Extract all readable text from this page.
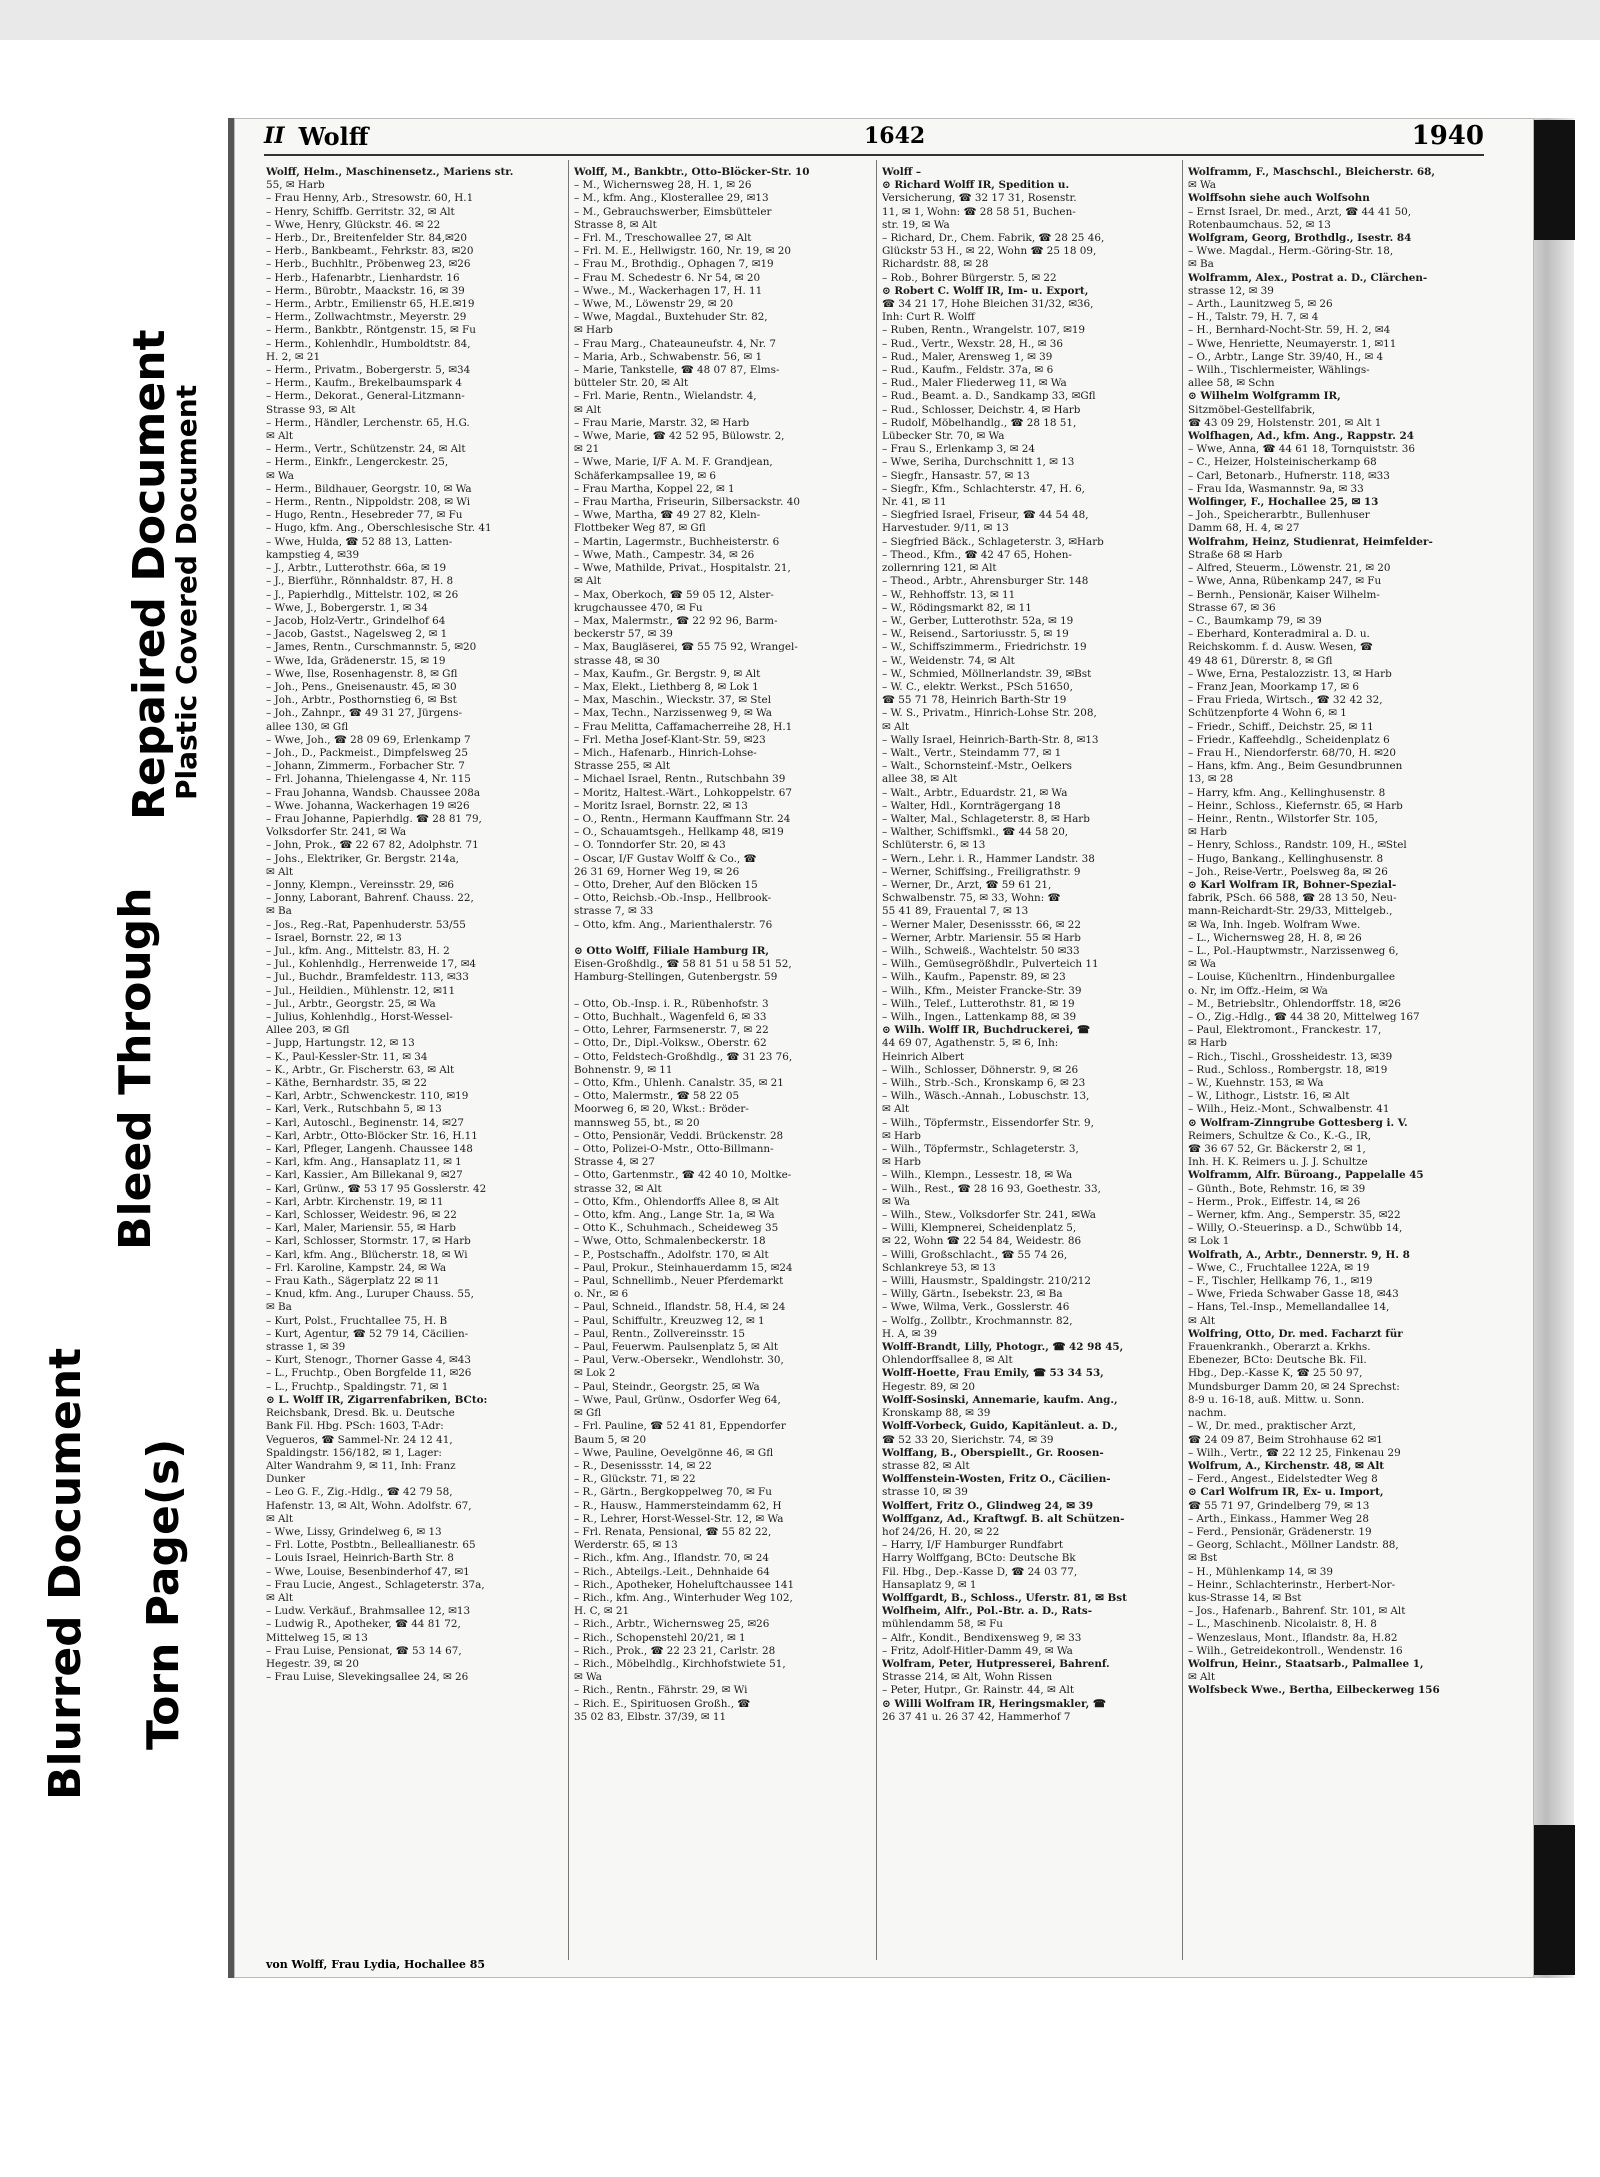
Blurred Document Torn Page(s)
Bleed Through
Repaired Document
Plastic Covered Document
II Wolff	1642	1940

Wolff, Helm., Maschinensetz., Mariens str.

55, ✉ Harb

– Frau Henny, Arb., Stresowstr. 60, H.1

– Henry, Schiffb. Gerritstr. 32, ✉ Alt

– Wwe, Henry, Glückstr. 46. ✉ 22

– Herb., Dr., Breitenfelder Str. 84,✉20

– Herb., Bankbeamt., Fehrkstr. 83, ✉20

– Herb., Buchhltr., Pröbenweg 23, ✉26

– Herb., Hafenarbtr., Lienhardstr. 16

– Herm., Bürobtr., Maackstr. 16, ✉ 39

– Herm., Arbtr., Emilienstr 65, H.E.✉19

– Herm., Zollwachtmstr., Meyerstr. 29

– Herm., Bankbtr., Röntgenstr. 15, ✉ Fu

– Herm., Kohlenhdlr., Humboldtstr. 84,

H. 2, ✉ 21

– Herm., Privatm., Bobergerstr. 5, ✉34

– Herm., Kaufm., Brekelbaumspark 4

– Herm., Dekorat., General-Litzmann-

Strasse 93, ✉ Alt

– Herm., Händler, Lerchenstr. 65, H.G.

✉ Alt

– Herm., Vertr., Schützenstr. 24, ✉ Alt

– Herm., Einkfr., Lengerckestr. 25,

✉ Wa

– Herm., Bildhauer, Georgstr. 10, ✉ Wa

– Herm., Rentn., Nippoldstr. 208, ✉ Wi

– Hugo, Rentn., Hesebreder 77, ✉ Fu

– Hugo, kfm. Ang., Oberschlesische Str. 41

– Wwe, Hulda, ☎ 52 88 13, Latten-

kampstieg 4, ✉39

– J., Arbtr., Lutterothstr. 66a, ✉ 19

– J., Bierführ., Rönnhaldstr. 87, H. 8

– J., Papierhdlg., Mittelstr. 102, ✉ 26

– Wwe, J., Bobergerstr. 1, ✉ 34

– Jacob, Holz-Vertr., Grindelhof 64

– Jacob, Gastst., Nagelsweg 2, ✉ 1

– James, Rentn., Curschmannstr. 5, ✉20

– Wwe, Ida, Grädenerstr. 15, ✉ 19

– Wwe, Ilse, Rosenhagenstr. 8, ✉ Gfl

– Joh., Pens., Gneisenaustr. 45, ✉ 30

– Joh., Arbtr., Posthornstieg 6, ✉ Bst

– Joh., Zahnpr., ☎ 49 31 27, Jürgens-

allee 130, ✉ Gfl

– Wwe, Joh., ☎ 28 09 69, Erlenkamp 7

– Joh., D., Packmeist., Dimpfelsweg 25

– Johann, Zimmerm., Forbacher Str. 7

– Frl. Johanna, Thielengasse 4, Nr. 115

– Frau Johanna, Wandsb. Chaussee 208a

– Wwe. Johanna, Wackerhagen 19 ✉26

– Frau Johanne, Papierhdlg. ☎ 28 81 79,

Volksdorfer Str. 241, ✉ Wa

– John, Prok., ☎ 22 67 82, Adolphstr. 71

– Johs., Elektriker, Gr. Bergstr. 214a,

✉ Alt

– Jonny, Klempn., Vereinsstr. 29, ✉6

– Jonny, Laborant, Bahrenf. Chauss. 22,

✉ Ba

– Jos., Reg.-Rat, Papenhuderstr. 53/55

– Israel, Bornstr. 22, ✉ 13

– Jul., kfm. Ang., Mittelstr. 83, H. 2

– Jul., Kohlenhdlg., Herrenweide 17, ✉4

– Jul., Buchdr., Bramfeldestr. 113, ✉33

– Jul., Heildien., Mühlenstr. 12, ✉11

– Jul., Arbtr., Georgstr. 25, ✉ Wa

– Julius, Kohlenhdlg., Horst-Wessel-

Allee 203, ✉ Gfl

– Jupp, Hartungstr. 12, ✉ 13

– K., Paul-Kessler-Str. 11, ✉ 34

– K., Arbtr., Gr. Fischerstr. 63, ✉ Alt

– Käthe, Bernhardstr. 35, ✉ 22

– Karl, Arbtr., Schwenckestr. 110, ✉19

– Karl, Verk., Rutschbahn 5, ✉ 13

– Karl, Autoschl., Beginenstr. 14, ✉27

– Karl, Arbtr., Otto-Blöcker Str. 16, H.11

– Karl, Pfleger, Langenh. Chaussee 148

– Karl, kfm. Ang., Hansaplatz 11, ✉ 1

– Karl, Kassier., Am Billekanal 9, ✉27

– Karl, Grünw., ☎ 53 17 95 Gosslerstr. 42

– Karl, Arbtr. Kirchenstr. 19, ✉ 11

– Karl, Schlosser, Weidestr. 96, ✉ 22

– Karl, Maler, Mariensir. 55, ✉ Harb

– Karl, Schlosser, Stormstr. 17, ✉ Harb

– Karl, kfm. Ang., Blücherstr. 18, ✉ Wi

– Frl. Karoline, Kampstr. 24, ✉ Wa

– Frau Kath., Sägerplatz 22 ✉ 11

– Knud, kfm. Ang., Luruper Chauss. 55,

✉ Ba

– Kurt, Polst., Fruchtallee 75, H. B

– Kurt, Agentur, ☎ 52 79 14, Cäcilien-

strasse 1, ✉ 39

– Kurt, Stenogr., Thorner Gasse 4, ✉43

– L., Fruchtp., Oben Borgfelde 11, ✉26

– L., Fruchtp., Spaldingstr. 71, ✉ 1

⊙ L. Wolff IR, Zigarrenfabriken, BCto:

Reichsbank, Dresd. Bk. u. Deutsche

Bank Fil. Hbg. PSch: 1603, T-Adr:

Vegueros, ☎ Sammel-Nr. 24 12 41,

Spaldingstr. 156/182, ✉ 1, Lager:

Alter Wandrahm 9, ✉ 11, Inh: Franz

Dunker

– Leo G. F., Zig.-Hdlg., ☎ 42 79 58,

Hafenstr. 13, ✉ Alt, Wohn. Adolfstr. 67,

✉ Alt

– Wwe, Lissy, Grindelweg 6, ✉ 13

– Frl. Lotte, Postbtn., Belleallianestr. 65

– Louis Israel, Heinrich-Barth Str. 8

– Wwe, Louise, Besenbinderhof 47, ✉1

– Frau Lucie, Angest., Schlageterstr. 37a,

✉ Alt

– Ludw. Verkäuf., Brahmsallee 12, ✉13

– Ludwig R., Apotheker, ☎ 44 81 72,

Mittelweg 15, ✉ 13

– Frau Luise, Pensionat, ☎ 53 14 67,

Hegestr. 39, ✉ 20

– Frau Luise, Slevekingsallee 24, ✉ 26

Wolff, M., Bankbtr., Otto-Blöcker-Str. 10

– M., Wichernsweg 28, H. 1, ✉ 26

– M., kfm. Ang., Klosterallee 29, ✉13

– M., Gebrauchswerber, Eimsbütteler

Strasse 8, ✉ Alt

– Frl. M., Treschowallee 27, ✉ Alt

– Frl. M. E., Hellwigstr. 160, Nr. 19, ✉ 20

– Frau M., Brothdig., Ophagen 7, ✉19

– Frau M. Schedestr 6. Nr 54, ✉ 20

– Wwe., M., Wackerhagen 17, H. 11

– Wwe, M., Löwenstr 29, ✉ 20

– Wwe, Magdal., Buxtehuder Str. 82,

✉ Harb

– Frau Marg., Chateauneufstr. 4, Nr. 7

– Maria, Arb., Schwabenstr. 56, ✉ 1

– Marie, Tankstelle, ☎ 48 07 87, Elms-

bütteler Str. 20, ✉ Alt

– Frl. Marie, Rentn., Wielandstr. 4,

✉ Alt

– Frau Marie, Marstr. 32, ✉ Harb

– Wwe, Marie, ☎ 42 52 95, Bülowstr. 2,

✉ 21

– Wwe, Marie, I/F A. M. F. Grandjean,

Schäferkampsallee 19, ✉ 6

– Frau Martha, Koppel 22, ✉ 1

– Frau Martha, Friseurin, Silbersackstr. 40

– Wwe, Martha, ☎ 49 27 82, Kleln-

Flottbeker Weg 87, ✉ Gfl

– Martin, Lagermstr., Buchheisterstr. 6

– Wwe, Math., Campestr. 34, ✉ 26

– Wwe, Mathilde, Privat., Hospitalstr. 21,

✉ Alt

– Max, Oberkoch, ☎ 59 05 12, Alster-

krugchaussee 470, ✉ Fu

– Max, Malermstr., ☎ 22 92 96, Barm-

beckerstr 57, ✉ 39

– Max, Baugläserei, ☎ 55 75 92, Wrangel-

strasse 48, ✉ 30

– Max, Kaufm., Gr. Bergstr. 9, ✉ Alt

– Max, Elekt., Liethberg 8, ✉ Lok 1

– Max, Maschin., Wieckstr. 37, ✉ Stel

– Max, Techn., Narzissenweg 9, ✉ Wa

– Frau Melitta, Caffamacherreihe 28, H.1

– Frl. Metha Josef-Klant-Str. 59, ✉23

– Mich., Hafenarb., Hinrich-Lohse-

Strasse 255, ✉ Alt

– Michael Israel, Rentn., Rutschbahn 39

– Moritz, Haltest.-Wärt., Lohkoppelstr. 67

– Moritz Israel, Bornstr. 22, ✉ 13

– O., Rentn., Hermann Kauffmann Str. 24

– O., Schauamtsgeh., Hellkamp 48, ✉19

– O. Tonndorfer Str. 20, ✉ 43

– Oscar, I/F Gustav Wolff & Co., ☎

26 31 69, Horner Weg 19, ✉ 26

– Otto, Dreher, Auf den Blöcken 15

– Otto, Reichsb.-Ob.-Insp., Hellbrook-

strasse 7, ✉ 33

– Otto, kfm. Ang., Marienthalerstr. 76

⊙ Otto Wolff, Filiale Hamburg IR,

Eisen-Großhdlg., ☎ 58 81 51 u 58 51 52,

Hamburg-Stellingen, Gutenbergstr. 59

– Otto, Ob.-Insp. i. R., Rübenhofstr. 3

– Otto, Buchhalt., Wagenfeld 6, ✉ 33

– Otto, Lehrer, Farmsenerstr. 7, ✉ 22

– Otto, Dr., Dipl.-Volksw., Oberstr. 62

– Otto, Feldstech-Großhdlg., ☎ 31 23 76,

Bohnenstr. 9, ✉ 11

– Otto, Kfm., Uhlenh. Canalstr. 35, ✉ 21

– Otto, Malermstr., ☎ 58 22 05

Moorweg 6, ✉ 20, Wkst.: Bröder-

mannsweg 55, bt., ✉ 20

– Otto, Pensionär, Veddi. Brückenstr. 28

– Otto, Polizei-O-Mstr., Otto-Billmann-

Strasse 4, ✉ 27

– Otto, Gartenmstr., ☎ 42 40 10, Moltke-

strasse 32, ✉ Alt

– Otto, Kfm., Ohlendorffs Allee 8, ✉ Alt

– Otto, kfm. Ang., Lange Str. 1a, ✉ Wa

– Otto K., Schuhmach., Scheideweg 35

– Wwe, Otto, Schmalenbeckerstr. 18

– P., Postschaffn., Adolfstr. 170, ✉ Alt

– Paul, Prokur., Steinhauerdamm 15, ✉24

– Paul, Schnellimb., Neuer Pferdemarkt

o. Nr., ✉ 6

– Paul, Schneid., Iflandstr. 58, H.4, ✉ 24

– Paul, Schiffultr., Kreuzweg 12, ✉ 1

– Paul, Rentn., Zollvereinsstr. 15

– Paul, Feuerwm. Paulsenplatz 5, ✉ Alt

– Paul, Verw.-Obersekr., Wendlohstr. 30,

✉ Lok 2

– Paul, Steindr., Georgstr. 25, ✉ Wa

– Wwe, Paul, Grünw., Osdorfer Weg 64,

✉ Gfl

– Frl. Pauline, ☎ 52 41 81, Eppendorfer

Baum 5, ✉ 20

– Wwe, Pauline, Oevelgönne 46, ✉ Gfl

– R., Desenissstr. 14, ✉ 22

– R., Glückstr. 71, ✉ 22

– R., Gärtn., Bergkoppelweg 70, ✉ Fu

– R., Hausw., Hammersteindamm 62, H

– R., Lehrer, Horst-Wessel-Str. 12, ✉ Wa

– Frl. Renata, Pensional, ☎ 55 82 22,

Werderstr. 65, ✉ 13

– Rich., kfm. Ang., Iflandstr. 70, ✉ 24

– Rich., Abteilgs.-Leit., Dehnhaide 64

– Rich., Apotheker, Hoheluftchaussee 141

– Rich., kfm. Ang., Winterhuder Weg 102,

H. C, ✉ 21

– Rich., Arbtr., Wichernsweg 25, ✉26

– Rich., Schopenstehl 20/21, ✉ 1

– Rich., Prok., ☎ 22 23 21, Carlstr. 28

– Rich., Möbelhdlg., Kirchhofstwiete 51,

✉ Wa

– Rich., Rentn., Fährstr. 29, ✉ Wi

– Rich. E., Spirituosen Großh., ☎

35 02 83, Elbstr. 37/39, ✉ 11

Wolff –

⊙ Richard Wolff IR, Spedition u.

Versicherung, ☎ 32 17 31, Rosenstr.

11, ✉ 1, Wohn: ☎ 28 58 51, Buchen-

str. 19, ✉ Wa

– Richard, Dr., Chem. Fabrik, ☎ 28 25 46,

Glückstr 53 H., ✉ 22, Wohn ☎ 25 18 09,

Richardstr. 88, ✉ 28

– Rob., Bohrer Bürgerstr. 5, ✉ 22

⊙ Robert C. Wolff IR, Im- u. Export,

☎ 34 21 17, Hohe Bleichen 31/32, ✉36,

Inh: Curt R. Wolff

– Ruben, Rentn., Wrangelstr. 107, ✉19

– Rud., Vertr., Wexstr. 28, H., ✉ 36

– Rud., Maler, Arensweg 1, ✉ 39

– Rud., Kaufm., Feldstr. 37a, ✉ 6

– Rud., Maler Fliederweg 11, ✉ Wa

– Rud., Beamt. a. D., Sandkamp 33, ✉Gfl

– Rud., Schlosser, Deichstr. 4, ✉ Harb

– Rudolf, Möbelhandlg., ☎ 28 18 51,

Lübecker Str. 70, ✉ Wa

– Frau S., Erlenkamp 3, ✉ 24

– Wwe, Seriha, Durchschnitt 1, ✉ 13

– Siegfr., Hansastr. 57, ✉ 13

– Siegfr., Kfm., Schlachterstr. 47, H. 6,

Nr. 41, ✉ 11

– Siegfried Israel, Friseur, ☎ 44 54 48,

Harvestuder. 9/11, ✉ 13

– Siegfried Bäck., Schlageterstr. 3, ✉Harb

– Theod., Kfm., ☎ 42 47 65, Hohen-

zollernring 121, ✉ Alt

– Theod., Arbtr., Ahrensburger Str. 148

– W., Rehhoffstr. 13, ✉ 11

– W., Rödingsmarkt 82, ✉ 11

– W., Gerber, Lutterothstr. 52a, ✉ 19

– W., Reisend., Sartoriusstr. 5, ✉ 19

– W., Schiffszimmerm., Friedrichstr. 19

– W., Weidenstr. 74, ✉ Alt

– W., Schmied, Möllnerlandstr. 39, ✉Bst

– W. C., elektr. Werkst., PSch 51650,

☎ 55 71 78, Heinrich Barth-Str 19

– W. S., Privatm., Hinrich-Lohse Str. 208,

✉ Alt

– Wally Israel, Heinrich-Barth-Str. 8, ✉13

– Walt., Vertr., Steindamm 77, ✉ 1

– Walt., Schornsteinf.-Mstr., Oelkers

allee 38, ✉ Alt

– Walt., Arbtr., Eduardstr. 21, ✉ Wa

– Walter, Hdl., Kornträgergang 18

– Walter, Mal., Schlageterstr. 8, ✉ Harb

– Walther, Schiffsmkl., ☎ 44 58 20,

Schlüterstr. 6, ✉ 13

– Wern., Lehr. i. R., Hammer Landstr. 38

– Werner, Schiffsing., Freiligrathstr. 9

– Werner, Dr., Arzt, ☎ 59 61 21,

Schwalbenstr. 75, ✉ 33, Wohn: ☎

55 41 89, Frauental 7, ✉ 13

– Werner Maler, Desenissstr. 66, ✉ 22

– Werner, Arbtr. Mariensir. 55 ✉ Harb

– Wilh., Schweiß., Wachtelstr. 50 ✉33

– Wilh., Gemüsegrößhdlr., Pulverteich 11

– Wilh., Kaufm., Papenstr. 89, ✉ 23

– Wilh., Kfm., Meister Francke-Str. 39

– Wilh., Telef., Lutterothstr. 81, ✉ 19

– Wilh., Ingen., Lattenkamp 88, ✉ 39

⊙ Wilh. Wolff IR, Buchdruckerei, ☎

44 69 07, Agathenstr. 5, ✉ 6, Inh:

Heinrich Albert

– Wilh., Schlosser, Döhnerstr. 9, ✉ 26

– Wilh., Strb.-Sch., Kronskamp 6, ✉ 23

– Wilh., Wäsch.-Annah., Lobuschstr. 13,

✉ Alt

– Wilh., Töpfermstr., Eissendorfer Str. 9,

✉ Harb

– Wilh., Töpfermstr., Schlageterstr. 3,

✉ Harb

– Wilh., Klempn., Lessestr. 18, ✉ Wa

– Wilh., Rest., ☎ 28 16 93, Goethestr. 33,

✉ Wa

– Wilh., Stew., Volksdorfer Str. 241, ✉Wa

– Willi, Klempnerei, Scheidenplatz 5,

✉ 22, Wohn ☎ 22 54 84, Weidestr. 86

– Willi, Großschlacht., ☎ 55 74 26,

Schlankreye 53, ✉ 13

– Willi, Hausmstr., Spaldingstr. 210/212

– Willy, Gärtn., Isebekstr. 23, ✉ Ba

– Wwe, Wilma, Verk., Gosslerstr. 46

– Wolfg., Zollbtr., Krochmannstr. 82,

H. A, ✉ 39

Wolff-Brandt, Lilly, Photogr., ☎ 42 98 45,

Ohlendorffsallee 8, ✉ Alt

Wolff-Hoette, Frau Emily, ☎ 53 34 53,

Hegestr. 89, ✉ 20

Wolff-Sosinski, Annemarie, kaufm. Ang.,

Kronskamp 88, ✉ 39

Wolff-Vorbeck, Guido, Kapitänleut. a. D.,

☎ 52 33 20, Sierichstr. 74, ✉ 39

Wolffang, B., Oberspiellt., Gr. Roosen-

strasse 82, ✉ Alt

Wolffenstein-Wosten, Fritz O., Cäcilien-

strasse 10, ✉ 39

Wolffert, Fritz O., Glindweg 24, ✉ 39

Wolffganz, Ad., Kraftwgf. B. alt Schützen-

hof 24/26, H. 20, ✉ 22

– Harry, I/F Hamburger Rundfabrt

Harry Wolffgang, BCto: Deutsche Bk

Fil. Hbg., Dep.-Kasse D, ☎ 24 03 77,

Hansaplatz 9, ✉ 1

Wolffgardt, B., Schloss., Uferstr. 81, ✉ Bst

Wolfheim, Alfr., Pol.-Btr. a. D., Rats-

mühlendamm 58, ✉ Fu

– Alfr., Kondit., Bendixensweg 9, ✉ 33

– Fritz, Adolf-Hitler-Damm 49, ✉ Wa

Wolfram, Peter, Hutpresserei, Bahrenf.

Strasse 214, ✉ Alt, Wohn Rissen

– Peter, Hutpr., Gr. Rainstr. 44, ✉ Alt

⊙ Willi Wolfram IR, Heringsmakler, ☎

26 37 41 u. 26 37 42, Hammerhof 7

Wolframm, F., Maschschl., Bleicherstr. 68,

✉ Wa

Wolffsohn siehe auch Wolfsohn

– Ernst Israel, Dr. med., Arzt, ☎ 44 41 50,

Rotenbaumchaus. 52, ✉ 13

Wolfgram, Georg, Brothdlg., Isestr. 84

– Wwe. Magdal., Herm.-Göring-Str. 18,

✉ Ba

Wolframm, Alex., Postrat a. D., Clärchen-

strasse 12, ✉ 39

– Arth., Launitzweg 5, ✉ 26

– H., Talstr. 79, H. 7, ✉ 4

– H., Bernhard-Nocht-Str. 59, H. 2, ✉4

– Wwe, Henriette, Neumayerstr. 1, ✉11

– O., Arbtr., Lange Str. 39/40, H., ✉ 4

– Wilh., Tischlermeister, Wählings-

allee 58, ✉ Schn

⊙ Wilhelm Wolfgramm IR,

Sitzmöbel-Gestellfabrik,

☎ 43 09 29, Holstenstr. 201, ✉ Alt 1

Wolfhagen, Ad., kfm. Ang., Rappstr. 24

– Wwe, Anna, ☎ 44 61 18, Tornquiststr. 36

– C., Heizer, Holsteinischerkamp 68

– Carl, Betonarb., Hufnerstr. 118, ✉33

– Frau Ida, Wasmannstr. 9a, ✉ 33

Wolfinger, F., Hochallee 25, ✉ 13

– Joh., Speicherarbtr., Bullenhuser

Damm 68, H. 4, ✉ 27

Wolfrahm, Heinz, Studienrat, Heimfelder-

Straße 68 ✉ Harb

– Alfred, Steuerm., Löwenstr. 21, ✉ 20

– Wwe, Anna, Rübenkamp 247, ✉ Fu

– Bernh., Pensionär, Kaiser Wilhelm-

Strasse 67, ✉ 36

– C., Baumkamp 79, ✉ 39

– Eberhard, Konteradmiral a. D. u.

Reichskomm. f. d. Ausw. Wesen, ☎

49 48 61, Dürerstr. 8, ✉ Gfl

– Wwe, Erna, Pestalozzistr. 13, ✉ Harb

– Franz Jean, Moorkamp 17, ✉ 6

– Frau Frieda, Wirtsch., ☎ 32 42 32,

Schützenpforte 4 Wohn 6, ✉ 1

– Friedr., Schiff., Deichstr. 25, ✉ 11

– Friedr., Kaffeehdlg., Scheidenplatz 6

– Frau H., Niendorferstr. 68/70, H. ✉20

– Hans, kfm. Ang., Beim Gesundbrunnen

13, ✉ 28

– Harry, kfm. Ang., Kellinghusenstr. 8

– Heinr., Schloss., Kiefernstr. 65, ✉ Harb

– Heinr., Rentn., Wilstorfer Str. 105,

✉ Harb

– Henry, Schloss., Randstr. 109, H., ✉Stel

– Hugo, Bankang., Kellinghusenstr. 8

– Joh., Reise-Vertr., Poelsweg 8a, ✉ 26

⊙ Karl Wolfram IR, Bohner-Spezial-

fabrik, PSch. 66 588, ☎ 28 13 50, Neu-

mann-Reichardt-Str. 29/33, Mittelgeb.,

✉ Wa, Inh. Ingeb. Wolfram Wwe.

– L., Wichernsweg 28, H. 8, ✉ 26

– L., Pol.-Hauptwmstr., Narzissenweg 6,

✉ Wa

– Louise, Küchenltrn., Hindenburgallee

o. Nr, im Offz.-Heim, ✉ Wa

– M., Betriebsltr., Ohlendorffstr. 18, ✉26

– O., Zig.-Hdlg., ☎ 44 38 20, Mittelweg 167

– Paul, Elektromont., Franckestr. 17,

✉ Harb

– Rich., Tischl., Grossheidestr. 13, ✉39

– Rud., Schloss., Rombergstr. 18, ✉19

– W., Kuehnstr. 153, ✉ Wa

– W., Lithogr., Liststr. 16, ✉ Alt

– Wilh., Heiz.-Mont., Schwalbenstr. 41

⊙ Wolfram-Zinngrube Gottesberg i. V.

Reimers, Schultze & Co., K.-G., IR,

☎ 36 67 52, Gr. Bäckerstr 2, ✉ 1,

Inh. H. K. Reimers u. J. J. Schultze

Wolframm, Alfr. Büroang., Pappelalle 45

– Günth., Bote, Rehmstr. 16, ✉ 39

– Herm., Prok., Eiffestr. 14, ✉ 26

– Werner, kfm. Ang., Semperstr. 35, ✉22

– Willy, O.-Steuerinsp. a D., Schwübb 14,

✉ Lok 1

Wolfrath, A., Arbtr., Dennerstr. 9, H. 8

– Wwe, C., Fruchtallee 122A, ✉ 19

– F., Tischler, Hellkamp 76, 1., ✉19

– Wwe, Frieda Schwaber Gasse 18, ✉43

– Hans, Tel.-Insp., Memellandallee 14,

✉ Alt

Wolfring, Otto, Dr. med. Facharzt für

Frauenkrankh., Oberarzt a. Krkhs.

Ebenezer, BCto: Deutsche Bk. Fil.

Hbg., Dep.-Kasse K, ☎ 25 50 97,

Mundsburger Damm 20, ✉ 24 Sprechst:

8-9 u. 16-18, auß. Mittw. u. Sonn.

nachm.

– W., Dr. med., praktischer Arzt,

☎ 24 09 87, Beim Strohhause 62 ✉1

– Wilh., Vertr., ☎ 22 12 25, Finkenau 29

Wolfrum, A., Kirchenstr. 48, ✉ Alt

– Ferd., Angest., Eidelstedter Weg 8

⊙ Carl Wolfrum IR, Ex- u. Import,

☎ 55 71 97, Grindelberg 79, ✉ 13

– Arth., Einkass., Hammer Weg 28

– Ferd., Pensionär, Grädenerstr. 19

– Georg, Schlacht., Möllner Landstr. 88,

✉ Bst

– H., Mühlenkamp 14, ✉ 39

– Heinr., Schlachterinstr., Herbert-Nor-

kus-Strasse 14, ✉ Bst

– Jos., Hafenarb., Bahrenf. Str. 101, ✉ Alt

– L., Maschinenb. Nicolaistr. 8, H. 8

– Wenzeslaus, Mont., Iflandstr. 8a, H.82

– Wilh., Getreidekontroll., Wendenstr. 16

Wolfrun, Heinr., Staatsarb., Palmallee 1,

✉ Alt

Wolfsbeck Wwe., Bertha, Eilbeckerweg 156

von Wolff, Frau Lydia, Hochallee 85
